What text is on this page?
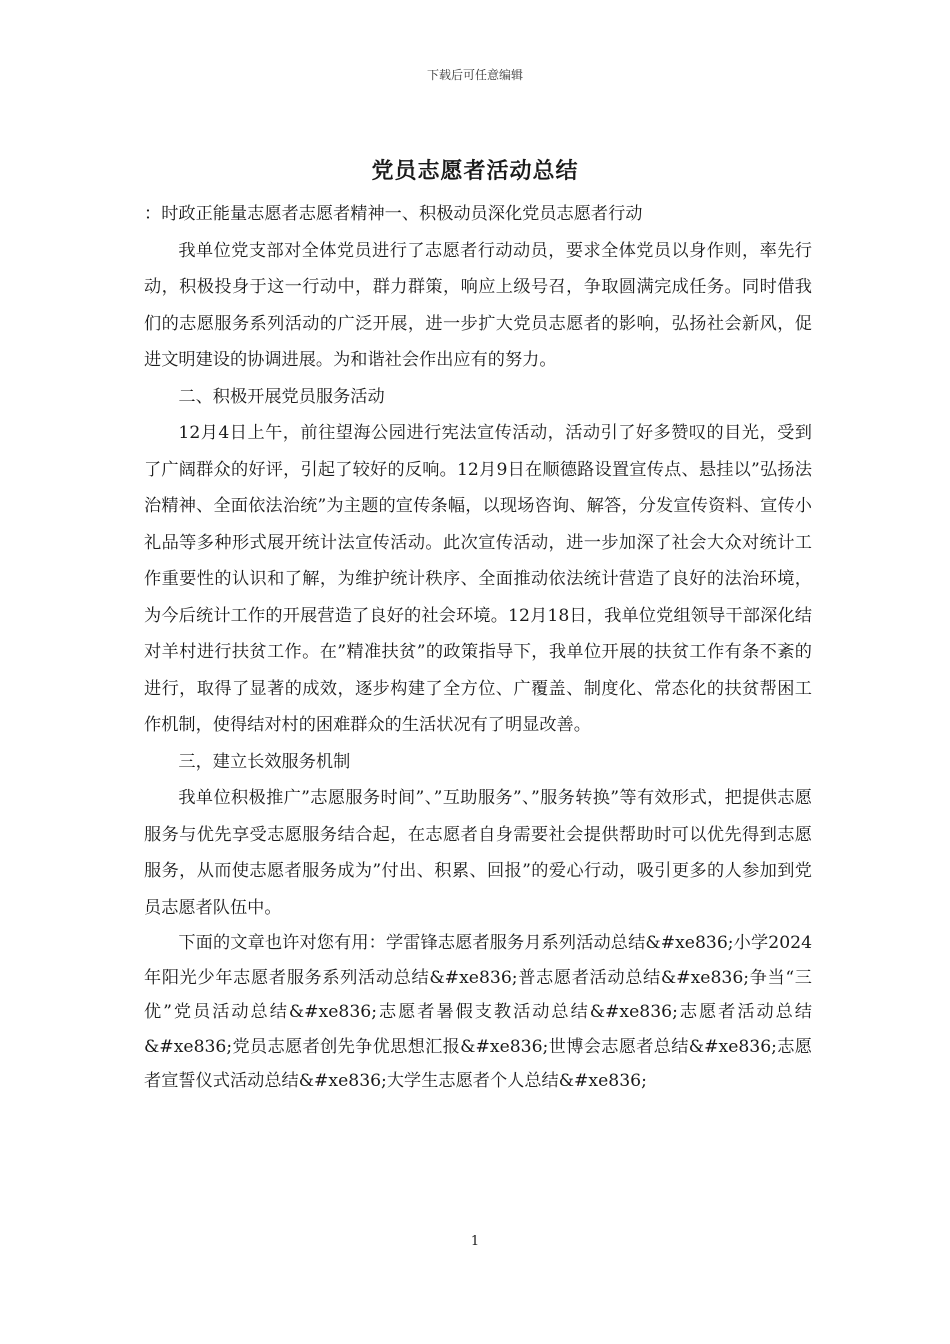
下载后可任意编辑
党员志愿者活动总结

：时政正能量志愿者志愿者精神一、积极动员深化党员志愿者行动

我单位党支部对全体党员进行了志愿者行动动员，要求全体党员以身作则，率先行动，积极投身于这一行动中，群力群策，响应上级号召，争取圆满完成任务。同时借我们的志愿服务系列活动的广泛开展，进一步扩大党员志愿者的影响，弘扬社会新风，促进文明建设的协调进展。为和谐社会作出应有的努力。

二、积极开展党员服务活动

12月4日上午，前往望海公园进行宪法宣传活动，活动引了好多赞叹的目光，受到了广阔群众的好评，引起了较好的反响。12月9日在顺德路设置宣传点、悬挂以”弘扬法治精神、全面依法治统”为主题的宣传条幅，以现场咨询、解答，分发宣传资料、宣传小礼品等多种形式展开统计法宣传活动。此次宣传活动，进一步加深了社会大众对统计工作重要性的认识和了解，为维护统计秩序、全面推动依法统计营造了良好的法治环境，为今后统计工作的开展营造了良好的社会环境。12月18日，我单位党组领导干部深化结对羊村进行扶贫工作。在”精准扶贫”的政策指导下，我单位开展的扶贫工作有条不紊的进行，取得了显著的成效，逐步构建了全方位、广覆盖、制度化、常态化的扶贫帮困工作机制，使得结对村的困难群众的生活状况有了明显改善。

三，建立长效服务机制

我单位积极推广”志愿服务时间”、”互助服务”、”服务转换”等有效形式，把提供志愿服务与优先享受志愿服务结合起，在志愿者自身需要社会提供帮助时可以优先得到志愿服务，从而使志愿者服务成为”付出、积累、回报”的爱心行动，吸引更多的人参加到党员志愿者队伍中。

下面的文章也许对您有用：学雷锋志愿者服务月系列活动总结&#xe836;小学2024年阳光少年志愿者服务系列活动总结&#xe836;普志愿者活动总结&#xe836;争当“三优”党员活动总结&#xe836;志愿者暑假支教活动总结&#xe836;志愿者活动总结&#xe836;党员志愿者创先争优思想汇报&#xe836;世博会志愿者总结&#xe836;志愿者宣誓仪式活动总结&#xe836;大学生志愿者个人总结&#xe836;

1
